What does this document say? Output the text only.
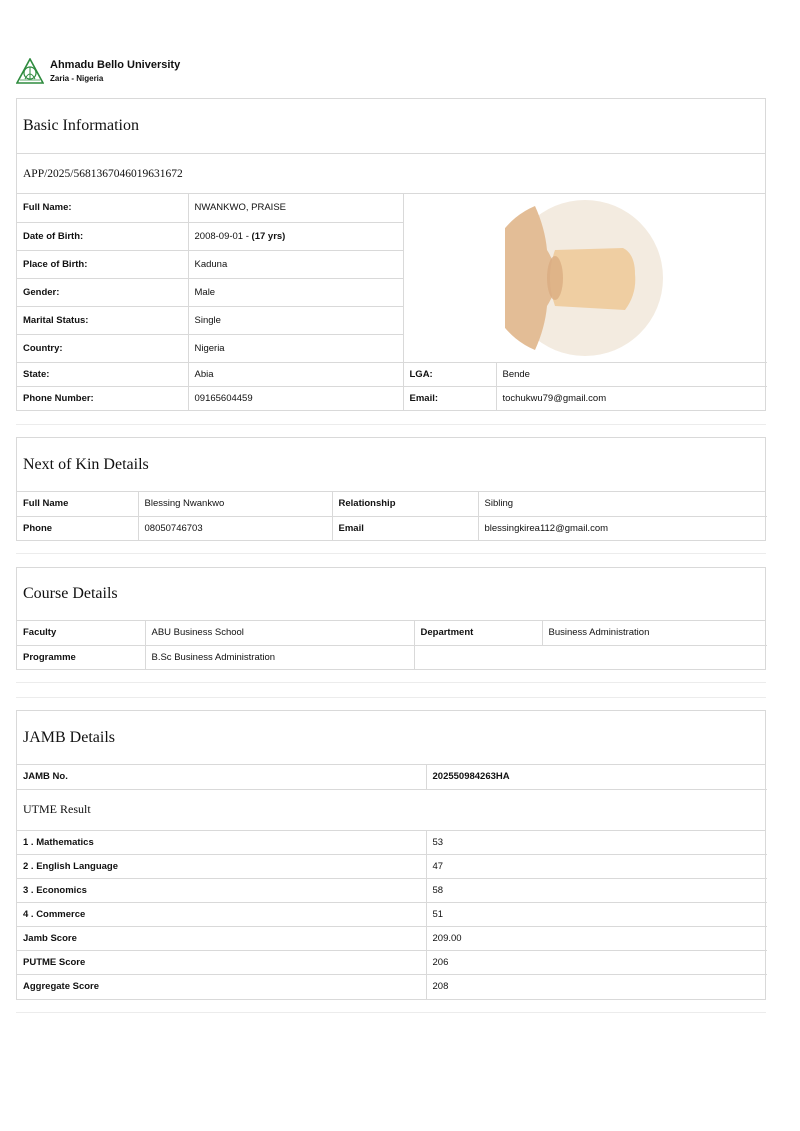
Ahmadu Bello University
Zaria - Nigeria
Basic Information
APP/2025/5681367046019631672
Full Name:	NWANKWO, PRAISE	

Date of Birth:	2008-09-01 - (17 yrs)		
Place of Birth:	Kaduna		
Gender:	Male		
Marital Status:	Single		
Country:	Nigeria		
State:	Abia	LGA:	Bende
Phone Number:	09165604459	Email:	tochukwu79@gmail.com
Next of Kin Details
Full Name	Blessing Nwankwo	Relationship	Sibling
Phone	08050746703	Email	blessingkirea112@gmail.com
Course Details
Faculty	ABU Business School	Department	Business Administration
Programme	B.Sc Business Administration		
JAMB Details
JAMB No.	202550984263HA
UTME Result
1 . Mathematics	53
2 . English Language	47
3 . Economics	58
4 . Commerce	51
Jamb Score	209.00
PUTME Score	206
Aggregate Score	208
